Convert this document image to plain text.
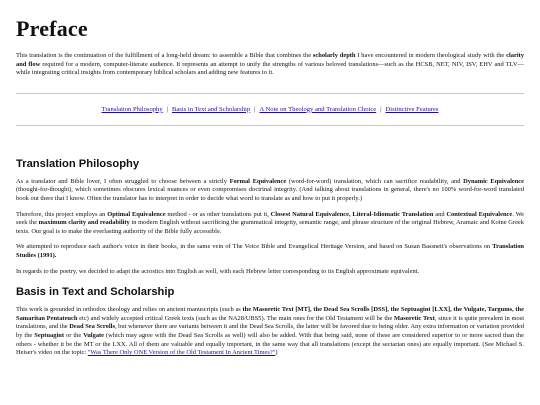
Preface

This translation is the continuation of the fulfillment of a long-held dream: to assemble a Bible that combines the scholarly depth I have encountered in modern theological study with the clarity and flow required for a modern, computer-literate audience. It represents an attempt to unify the strengths of various beloved translations—such as the HCSB, NET, NIV, ISV, EHV and TLV—while integrating critical insights from contemporary biblical scholars and adding new features to it.

Translation Philosophy | Basis in Text and Scholarship | A Note on Theology and Translation Choice | Distinctive Features
Translation Philosophy

As a translator and Bible lover, I often struggled to choose between a strictly Formal Equivalence (word-for-word) translation, which can sacrifice readability, and Dynamic Equivalence (thought-for-thought), which sometimes obscures lexical nuances or even compromises doctrinal integrity. (And talking about translations in general, there's no 100% word-for-word translated book out there that I know. Often the translator has to interpret in order to decide what word to translate as and how to put it properly.)

Therefore, this project employs an Optimal Equivalence method - or as other translations put it, Closest Natural Equivalence, Literal-Idiomatic Translation and Contextual Equivalence. We seek the maximum clarity and readability in modern English without sacrificing the grammatical integrity, semantic range, and phrase structure of the original Hebrew, Aramaic and Koine Greek texts. Our goal is to make the everlasting authority of the Bible fully accessible.

We attempted to reproduce each author's voice in their books, in the same vein of The Voice Bible and Evangelical Heritage Version, and based on Susan Bassnett's observations on Translation Studies (1991).

In regards to the poetry, we decided to adapt the acrostics into English as well, with each Hebrew letter corresponding to its English approximate equivalent.

Basis in Text and Scholarship

This work is grounded in orthodox theology and relies on ancient manuscripts (such as the Masoretic Text [MT], the Dead Sea Scrolls [DSS], the Septuagint [LXX], the Vulgate, Targums, the Samaritan Pentateuch etc) and widely accepted critical Greek texts (such as the NA28/UBS5). The main ones for the Old Testament will be the Masoretic Text, since it is quite prevalent in most translations, and the Dead Sea Scrolls, but whenever there are variants between it and the Dead Sea Scrolls, the latter will be favored due to being older. Any extra information or variation provided by the Septuagint or the Vulgate (which may agree with the Dead Sea Scrolls as well) will also be added. With that being said, none of these are considered superior to or more sacred than the others - whether it be the MT or the LXX. All of them are valuable and equally important, in the same way that all translations (except the sectarian ones) are equally important. (See Michael S. Heiser's video on the topic: "Was There Only ONE Version of the Old Testament In Ancient Times?")
